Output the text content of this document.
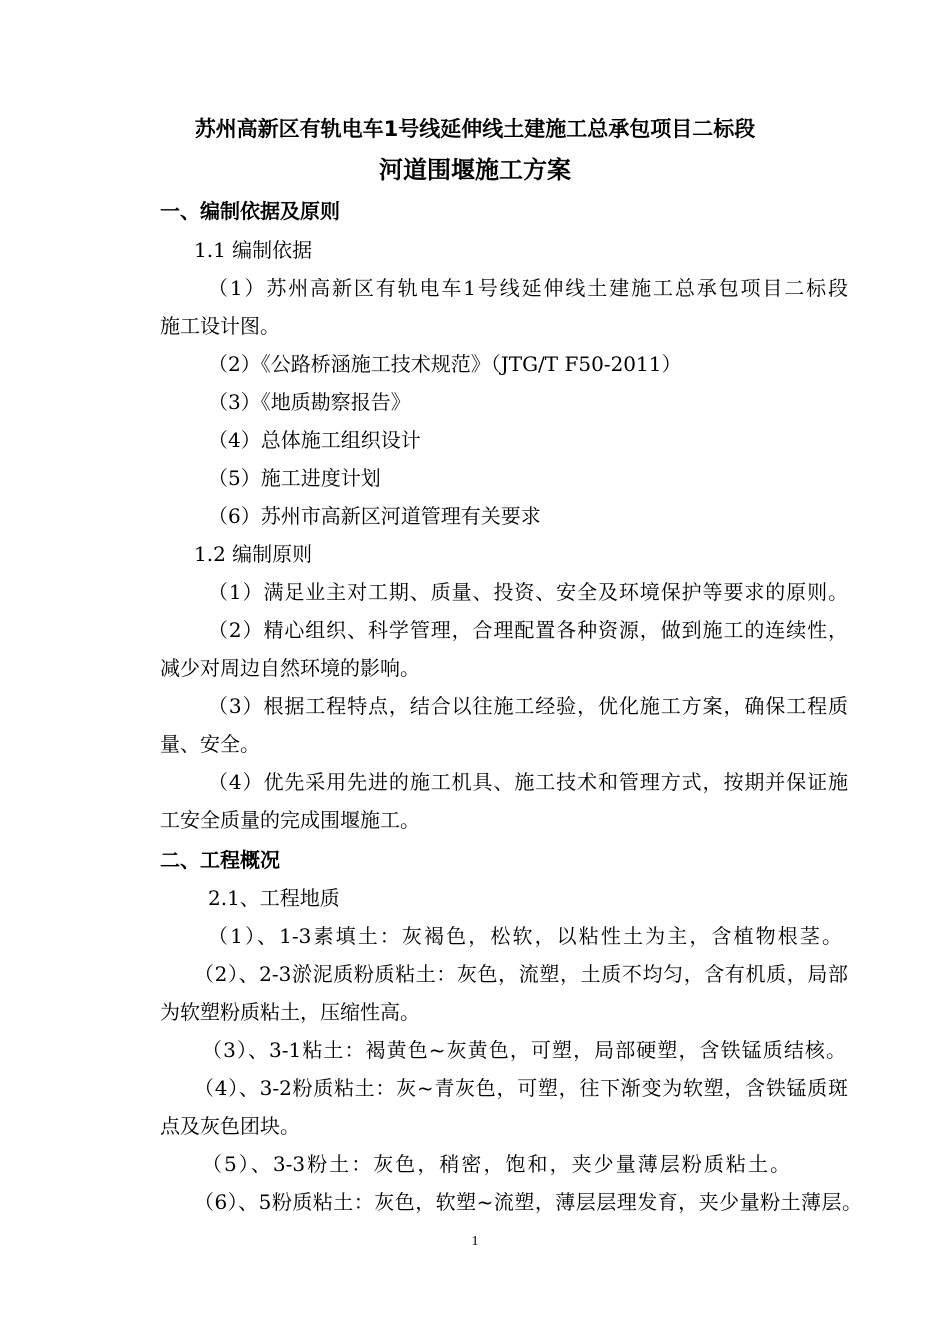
苏州高新区有轨电车1号线延伸线土建施工总承包项目二标段
河道围堰施工方案
一、编制依据及原则
1.1 编制依据
（1）苏州高新区有轨电车1号线延伸线土建施工总承包项目二标段
施工设计图。
（2）《公路桥涵施工技术规范》（JTG/T F50-2011）
（3）《地质勘察报告》
（4）总体施工组织设计
（5）施工进度计划
（6）苏州市高新区河道管理有关要求
1.2 编制原则
（1）满足业主对工期、质量、投资、安全及环境保护等要求的原则。
（2）精心组织、科学管理，合理配置各种资源，做到施工的连续性，
减少对周边自然环境的影响。
（3）根据工程特点，结合以往施工经验，优化施工方案，确保工程质
量、安全。
（4）优先采用先进的施工机具、施工技术和管理方式，按期并保证施
工安全质量的完成围堰施工。
二、工程概况
2.1、工程地质
（1）、1-3素填土：灰褐色，松软，以粘性土为主，含植物根茎。
（2）、2-3淤泥质粉质粘土：灰色，流塑，土质不均匀，含有机质，局部
为软塑粉质粘土，压缩性高。
（3）、3-1粘土：褐黄色~灰黄色，可塑，局部硬塑，含铁锰质结核。
（4）、3-2粉质粘土：灰~青灰色，可塑，往下渐变为软塑，含铁锰质斑
点及灰色团块。
（5）、3-3粉土：灰色，稍密，饱和，夹少量薄层粉质粘土。
（6）、5粉质粘土：灰色，软塑~流塑，薄层层理发育，夹少量粉土薄层。
1
